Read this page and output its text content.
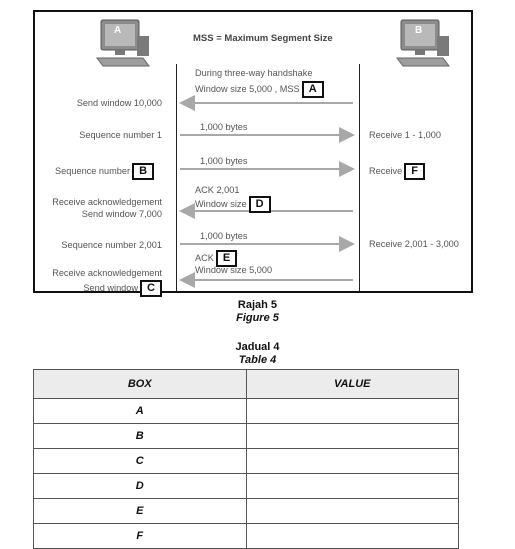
A	B
MSS = Maximum Segment Size
During three-way handshake
Window size 5,000 , MSS A
Send window 10,000
1,000 bytes
Sequence number 1	Receive 1 - 1,000
1,000 bytes
Sequence number B	Receive F
ACK 2,001
Window size D
Receive acknowledgement
Send window 7,000
1,000 bytes
Sequence number 2,001	Receive 2,001 - 3,000
ACK E
Window size 5,000
Receive acknowledgement
Send window C
Rajah 5
Figure 5
Jadual 4
Table 4
BOX	VALUE
A	
B	
C	
D	
E	
F	
